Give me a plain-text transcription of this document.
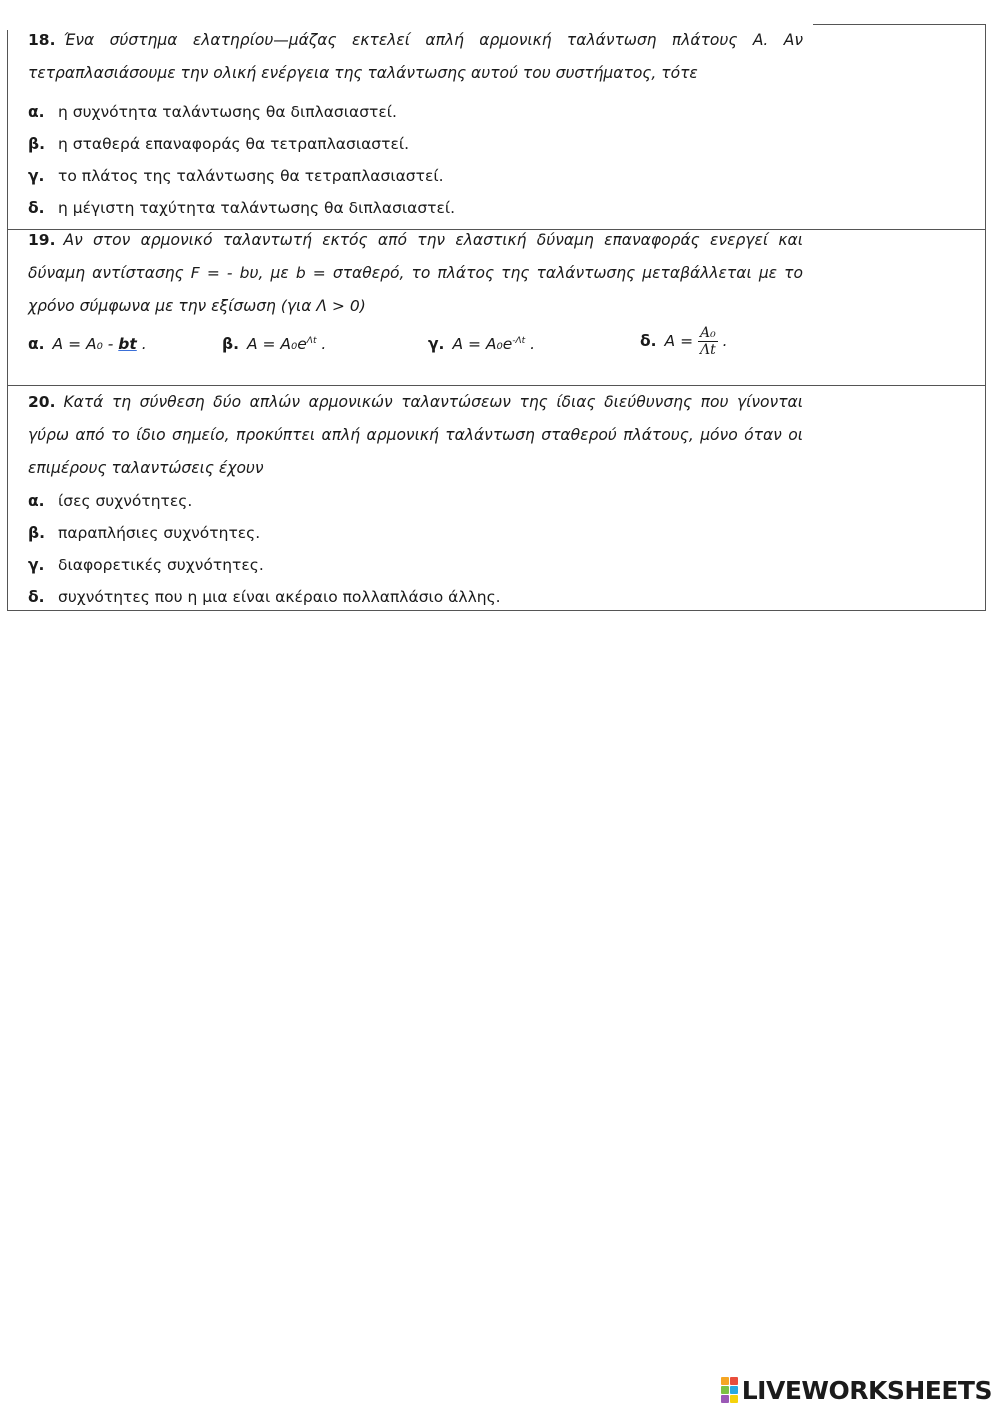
18. Ένα σύστημα ελατηρίου—μάζας εκτελεί απλή αρμονική ταλάντωση πλάτους Α. Αν τετραπλασιάσουμε την ολική ενέργεια της ταλάντωσης αυτού του συστήματος, τότε

α. η συχνότητα ταλάντωσης θα διπλασιαστεί.

β. η σταθερά επαναφοράς θα τετραπλασιαστεί.

γ. το πλάτος της ταλάντωσης θα τετραπλασιαστεί.

δ. η μέγιστη ταχύτητα ταλάντωσης θα διπλασιαστεί.

19. Αν στον αρμονικό ταλαντωτή εκτός από την ελαστική δύναμη επαναφοράς ενεργεί και δύναμη αντίστασης F = - bυ, με b = σταθερό, το πλάτος της ταλάντωσης μεταβάλλεται με το χρόνο σύμφωνα με την εξίσωση (για Λ > 0)

α. A = A₀ - bt .	β. $A = A_0e^{\Lambda t}$ .	γ. $A = A_0e^{-\Lambda t}$ .	δ. $A = \frac{\text{A₀}}{\Lambda t}$ .

20. Κατά τη σύνθεση δύο απλών αρμονικών ταλαντώσεων της ίδιας διεύθυνσης που γίνονται γύρω από το ίδιο σημείο, προκύπτει απλή αρμονική ταλάντωση σταθερού πλάτους, μόνο όταν οι επιμέρους ταλαντώσεις έχουν

α. ίσες συχνότητες.

β. παραπλήσιες συχνότητες.

γ. διαφορετικές συχνότητες.

δ. συχνότητες που η μια είναι ακέραιο πολλαπλάσιο άλλης.

LIVEWORKSHEETS
